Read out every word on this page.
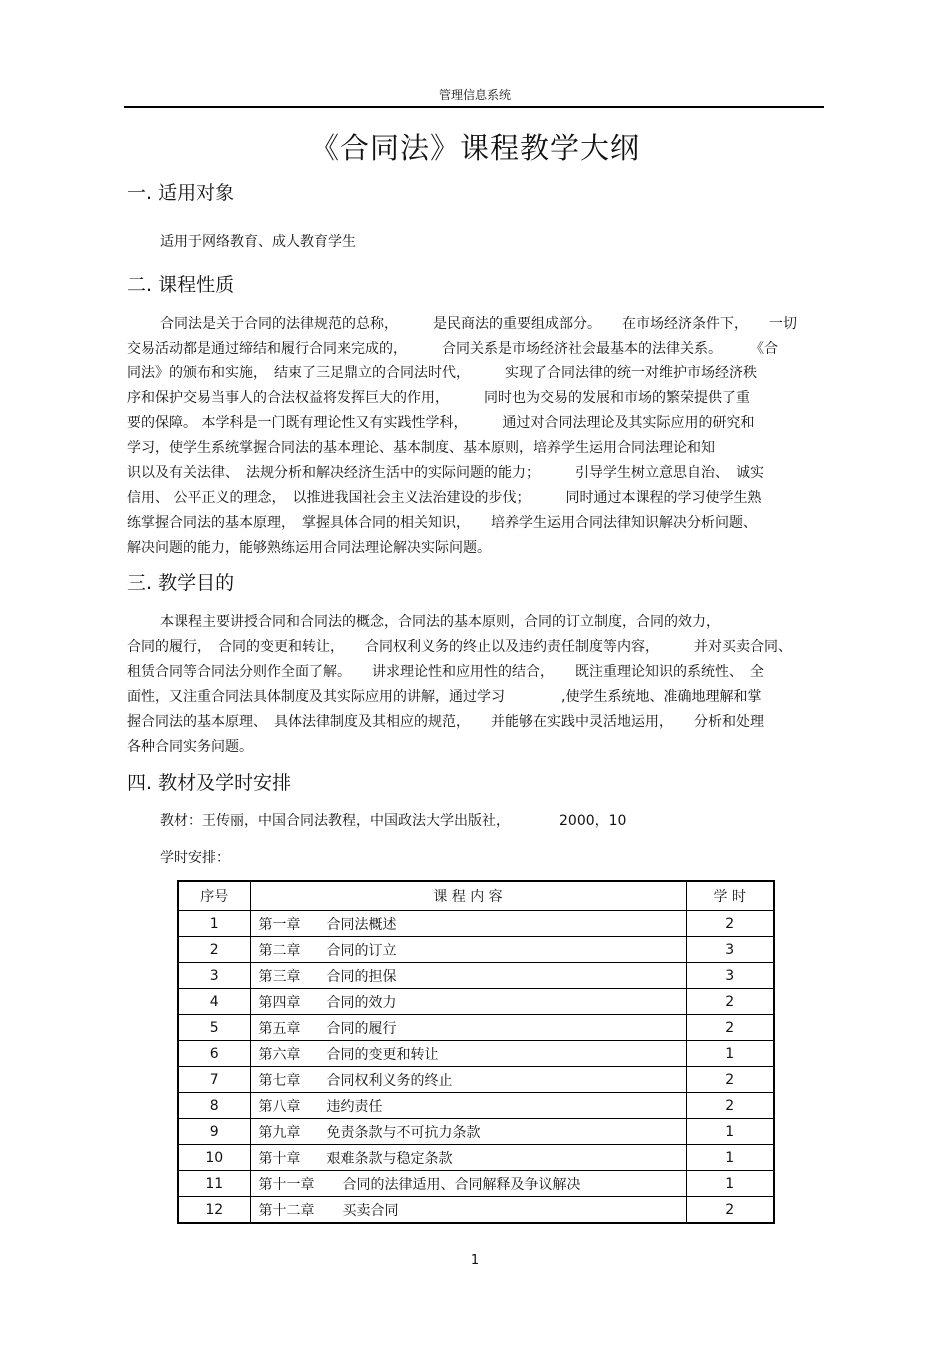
管理信息系统
《合同法》课程教学大纲
一. 适用对象
适用于网络教育、成人教育学生
二. 课程性质
合同法是关于合同的法律规范的总称，　　　是民商法的重要组成部分。　　在市场经济条件下，　　一切
交易活动都是通过缔结和履行合同来完成的，　　　合同关系是市场经济社会最基本的法律关系。　　　《合
同法》的颁布和实施，　结束了三足鼎立的合同法时代，　　　实现了合同法律的统一对维护市场经济秩
序和保护交易当事人的合法权益将发挥巨大的作用，　　　同时也为交易的发展和市场的繁荣提供了重
要的保障。 本学科是一门既有理论性又有实践性学科，　　　通过对合同法理论及其实际应用的研究和
学习，使学生系统掌握合同法的基本理论、基本制度、基本原则，培养学生运用合同法理论和知
识以及有关法律、　法规分析和解决经济生活中的实际问题的能力；　　　引导学生树立意思自治、　诚实
信用、 公平正义的理念，　以推进我国社会主义法治建设的步伐；　　　同时通过本课程的学习使学生熟
练掌握合同法的基本原理，　掌握具体合同的相关知识，　　培养学生运用合同法律知识解决分析问题、
解决问题的能力，能够熟练运用合同法理论解决实际问题。
三. 教学目的
本课程主要讲授合同和合同法的概念，合同法的基本原则，合同的订立制度，合同的效力，
合同的履行，　合同的变更和转让，　　合同权利义务的终止以及违约责任制度等内容，　　　并对买卖合同、
租赁合同等合同法分则作全面了解。　　讲求理论性和应用性的结合，　　既注重理论知识的系统性、　全
面性，又注重合同法具体制度及其实际应用的讲解，通过学习　　　　,使学生系统地、准确地理解和掌
握合同法的基本原理、　具体法律制度及其相应的规范，　　并能够在实践中灵活地运用，　　分析和处理
各种合同实务问题。
四. 教材及学时安排
教材：王传丽，中国合同法教程，中国政法大学出版社，　　　　2000，10
学时安排：
序号	课 程 内 容	学 时
1	第一章 合同法概述	2
2	第二章 合同的订立	3
3	第三章 合同的担保	3
4	第四章 合同的效力	2
5	第五章 合同的履行	2
6	第六章 合同的变更和转让	1
7	第七章 合同权利义务的终止	2
8	第八章 违约责任	2
9	第九章 免责条款与不可抗力条款	1
10	第十章 艰难条款与稳定条款	1
11	第十一章 合同的法律适用、合同解释及争议解决	1
12	第十二章 买卖合同	2
1
